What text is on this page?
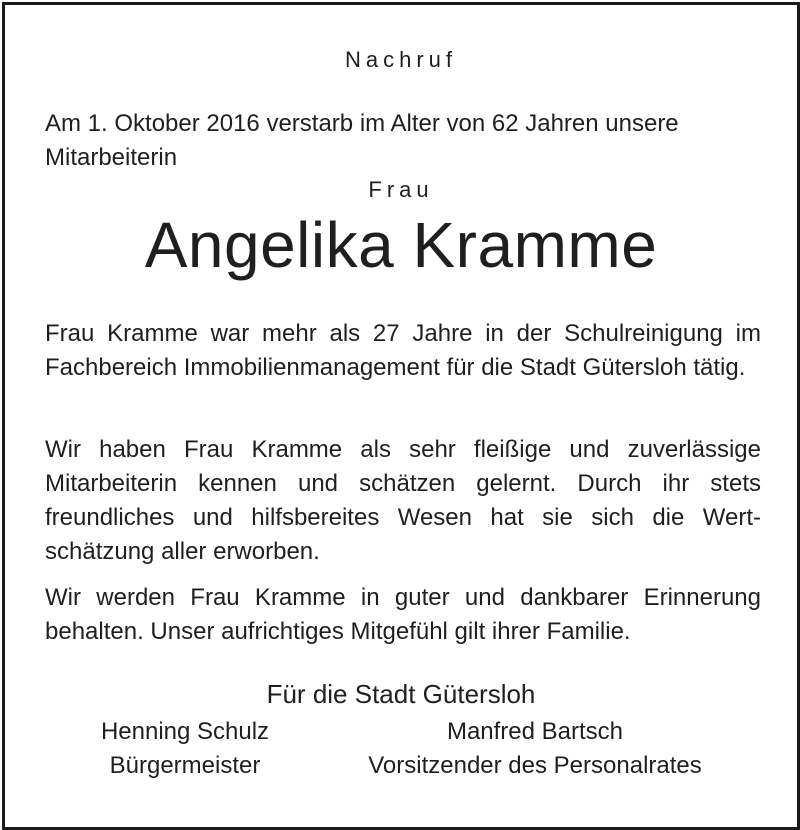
Nachruf
Am 1. Oktober 2016 verstarb im Alter von 62 Jahren unsere Mitarbeiterin
Frau
Angelika Kramme
Frau Kramme war mehr als 27 Jahre in der Schulreinigung im Fachbereich Immobilienmanagement für die Stadt Gütersloh tätig.
Wir haben Frau Kramme als sehr fleißige und zuverlässige Mitarbeiterin kennen und schätzen gelernt. Durch ihr stets freundliches und hilfsbereites Wesen hat sie sich die Wertschätzung aller erworben.
Wir werden Frau Kramme in guter und dankbarer Erinnerung behalten. Unser aufrichtiges Mitgefühl gilt ihrer Familie.
Für die Stadt Gütersloh
Henning Schulz
Bürgermeister
Manfred Bartsch
Vorsitzender des Personalrates
